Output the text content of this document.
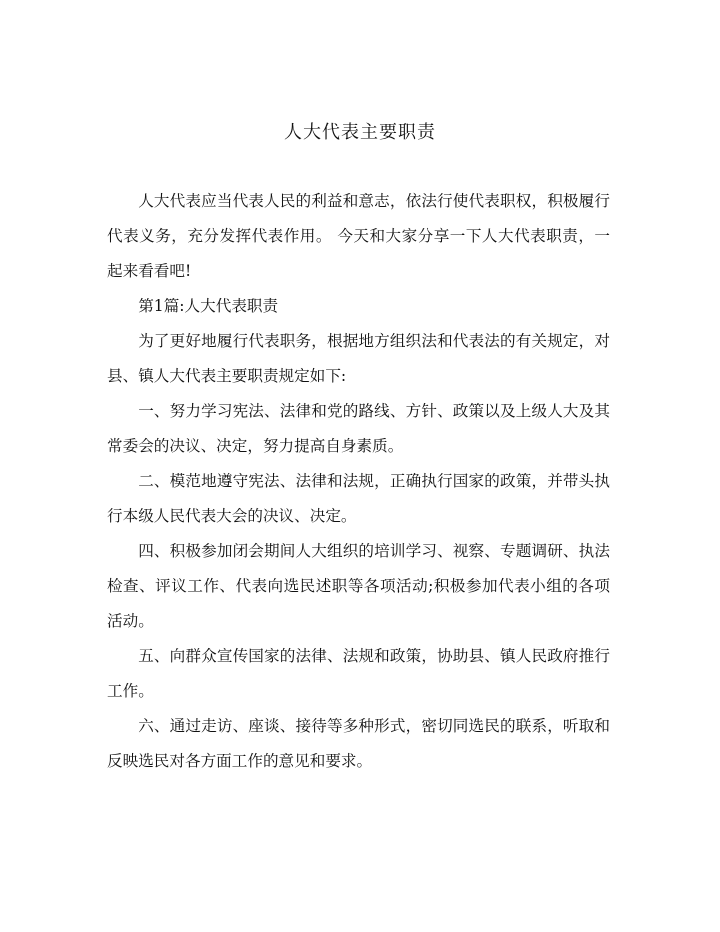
人大代表主要职责

人大代表应当代表人民的利益和意志，依法行使代表职权，积极履行代表义务，充分发挥代表作用。 今天和大家分享一下人大代表职责，一起来看看吧!

第1篇:人大代表职责

为了更好地履行代表职务，根据地方组织法和代表法的有关规定，对县、镇人大代表主要职责规定如下:

一、努力学习宪法、法律和党的路线、方针、政策以及上级人大及其常委会的决议、决定，努力提高自身素质。

二、模范地遵守宪法、法律和法规，正确执行国家的政策，并带头执行本级人民代表大会的决议、决定。

四、积极参加闭会期间人大组织的培训学习、视察、专题调研、执法检查、评议工作、代表向选民述职等各项活动;积极参加代表小组的各项活动。

五、向群众宣传国家的法律、法规和政策，协助县、镇人民政府推行工作。

六、通过走访、座谈、接待等多种形式，密切同选民的联系，听取和反映选民对各方面工作的意见和要求。
